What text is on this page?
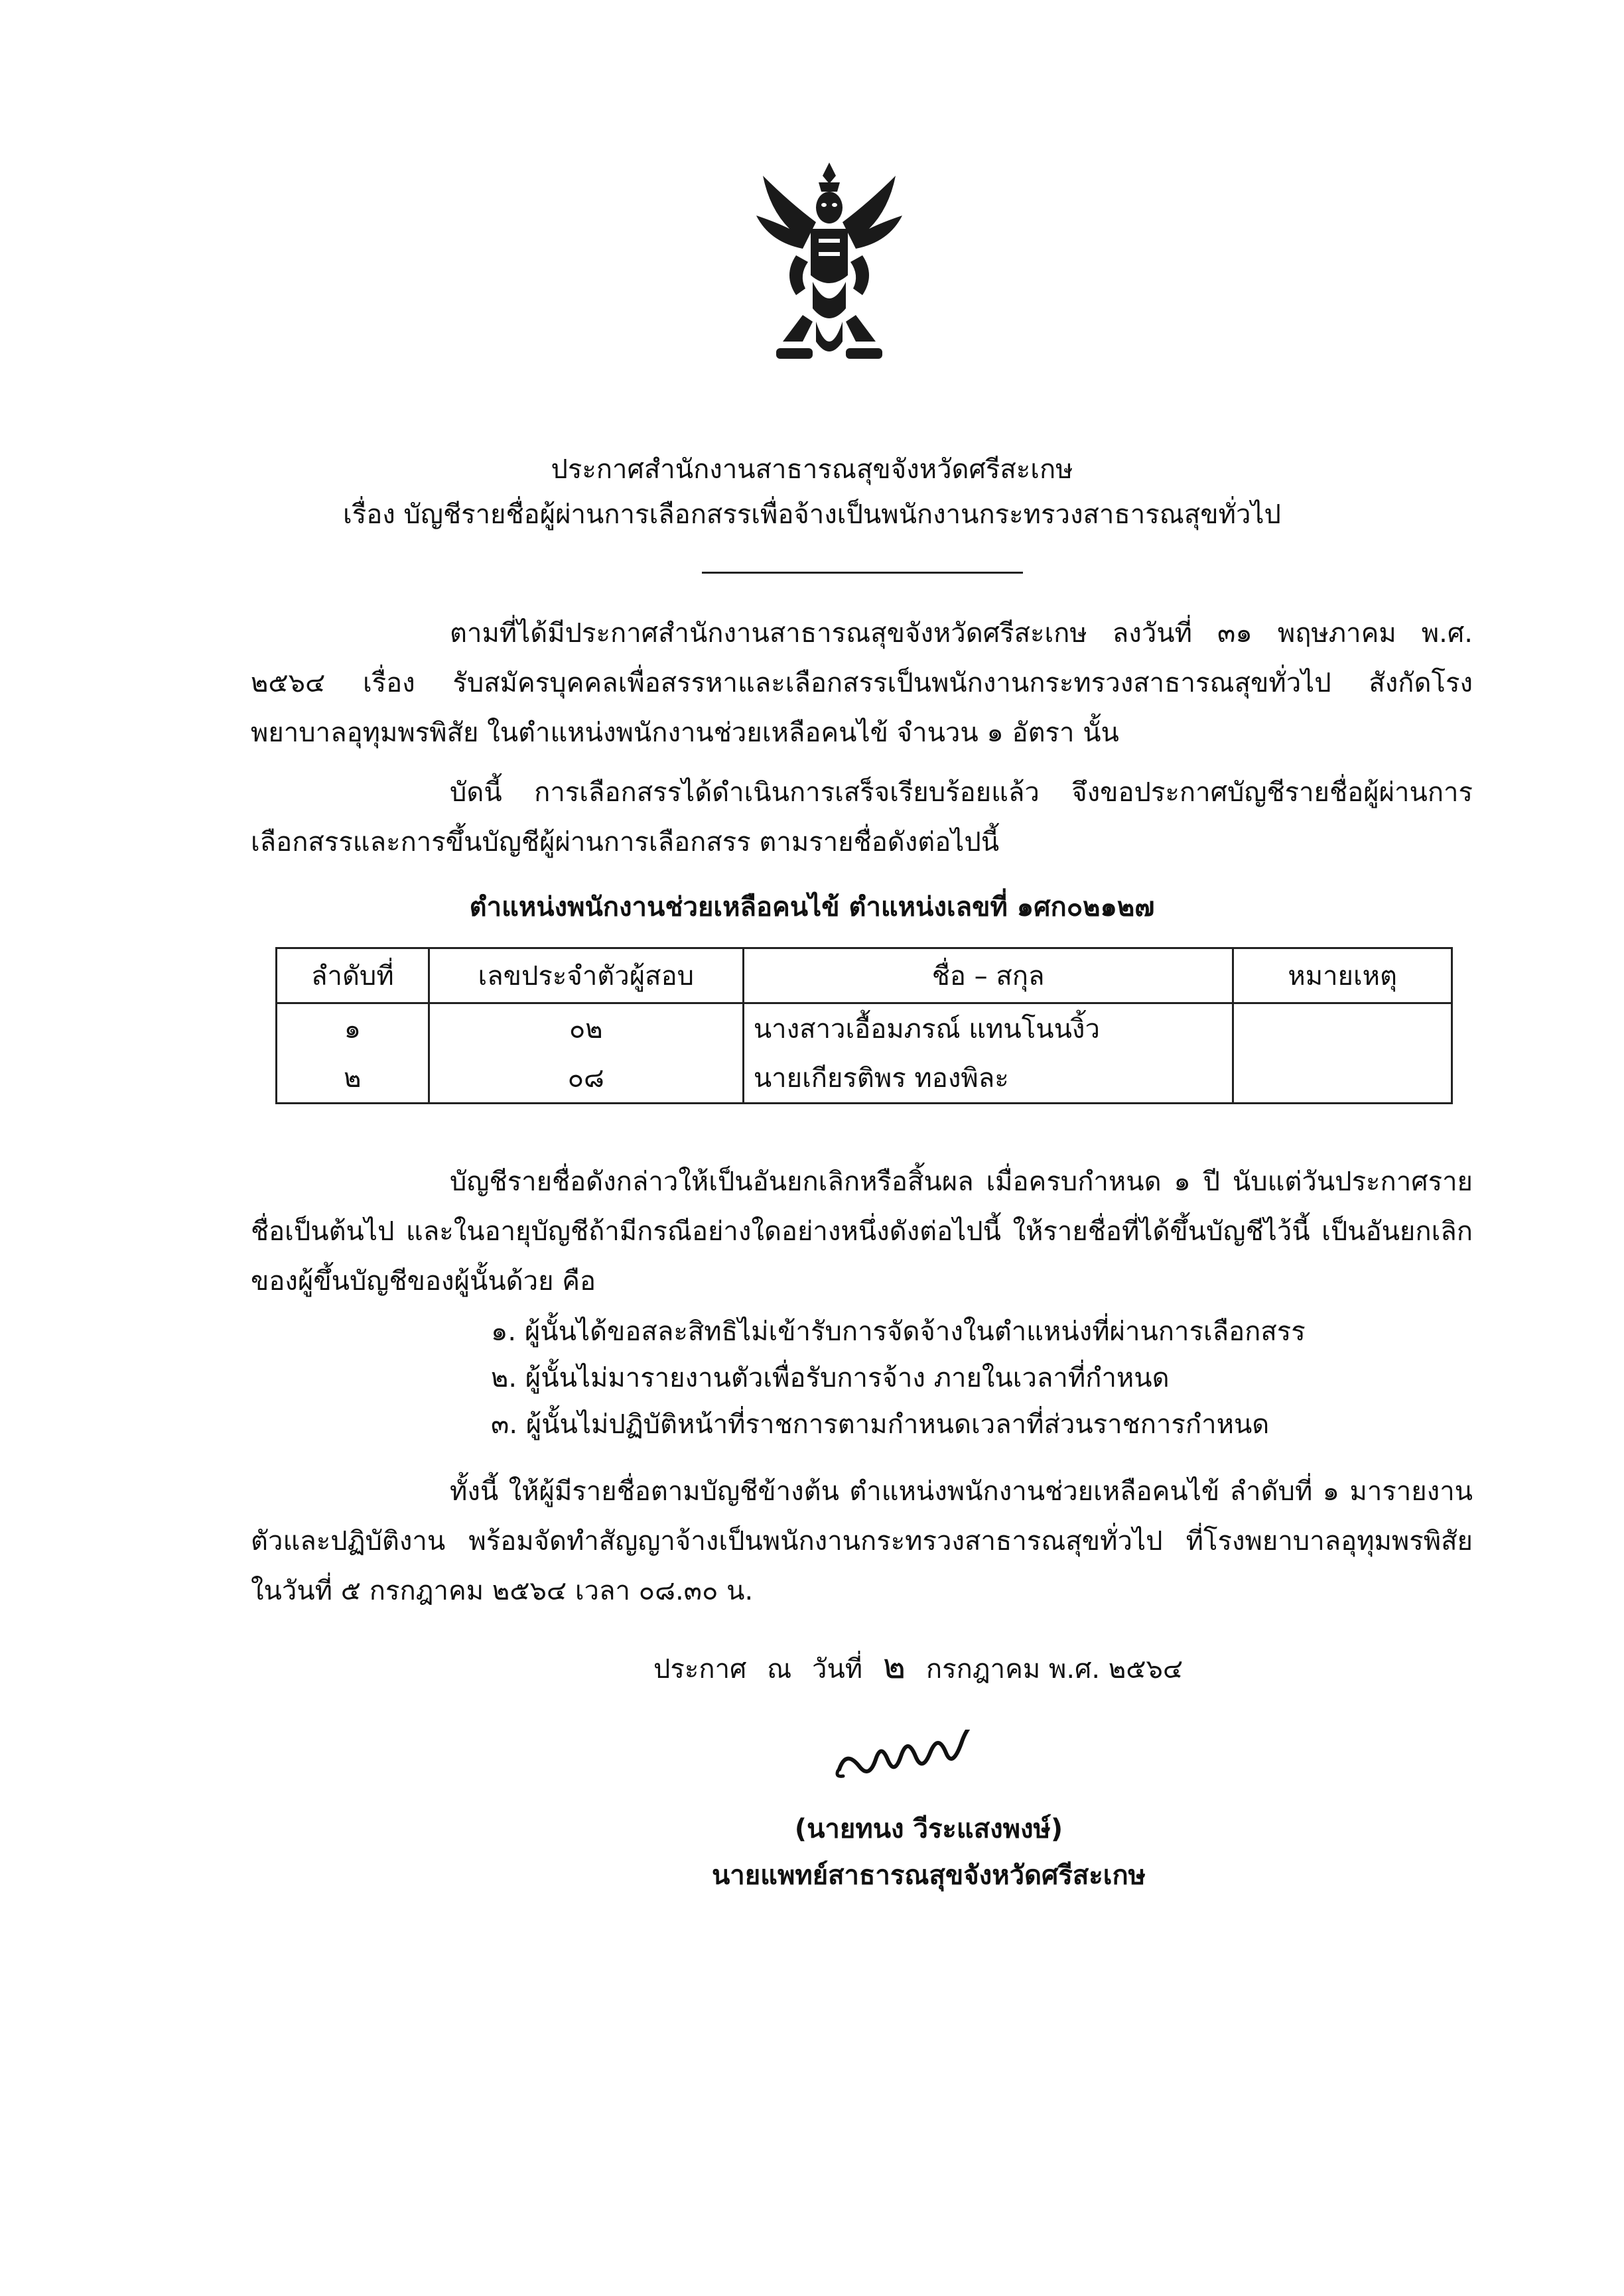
ประกาศสำนักงานสาธารณสุขจังหวัดศรีสะเกษ
เรื่อง บัญชีรายชื่อผู้ผ่านการเลือกสรรเพื่อจ้างเป็นพนักงานกระทรวงสาธารณสุขทั่วไป
ตามที่ได้มีประกาศสำนักงานสาธารณสุขจังหวัดศรีสะเกษ ลงวันที่ ๓๑ พฤษภาคม พ.ศ. ๒๕๖๔ เรื่อง รับสมัครบุคคลเพื่อสรรหาและเลือกสรรเป็นพนักงานกระทรวงสาธารณสุขทั่วไป สังกัดโรงพยาบาลอุทุมพรพิสัย ในตำแหน่งพนักงานช่วยเหลือคนไข้ จำนวน ๑ อัตรา นั้น
บัดนี้ การเลือกสรรได้ดำเนินการเสร็จเรียบร้อยแล้ว จึงขอประกาศบัญชีรายชื่อผู้ผ่านการเลือกสรรและการขึ้นบัญชีผู้ผ่านการเลือกสรร ตามรายชื่อดังต่อไปนี้
ตำแหน่งพนักงานช่วยเหลือคนไข้ ตำแหน่งเลขที่ ๑ศก๐๒๑๒๗
ลำดับที่	เลขประจำตัวผู้สอบ	ชื่อ – สกุล	หมายเหตุ
๑	๐๒	นางสาวเอื้อมภรณ์ แทนโนนงิ้ว	
๒	๐๘	นายเกียรติพร ทองพิละ	
บัญชีรายชื่อดังกล่าวให้เป็นอันยกเลิกหรือสิ้นผล เมื่อครบกำหนด ๑ ปี นับแต่วันประกาศรายชื่อเป็นต้นไป และในอายุบัญชีถ้ามีกรณีอย่างใดอย่างหนึ่งดังต่อไปนี้ ให้รายชื่อที่ได้ขึ้นบัญชีไว้นี้ เป็นอันยกเลิกของผู้ขึ้นบัญชีของผู้นั้นด้วย คือ
๑. ผู้นั้นได้ขอสละสิทธิไม่เข้ารับการจัดจ้างในตำแหน่งที่ผ่านการเลือกสรร
๒. ผู้นั้นไม่มารายงานตัวเพื่อรับการจ้าง ภายในเวลาที่กำหนด
๓. ผู้นั้นไม่ปฏิบัติหน้าที่ราชการตามกำหนดเวลาที่ส่วนราชการกำหนด
ทั้งนี้ ให้ผู้มีรายชื่อตามบัญชีข้างต้น ตำแหน่งพนักงานช่วยเหลือคนไข้ ลำดับที่ ๑ มารายงานตัวและปฏิบัติงาน พร้อมจัดทำสัญญาจ้างเป็นพนักงานกระทรวงสาธารณสุขทั่วไป ที่โรงพยาบาลอุทุมพรพิสัย ในวันที่ ๕ กรกฎาคม ๒๕๖๔ เวลา ๐๘.๓๐ น.
ประกาศ ณ วันที่ ๒ กรกฎาคม พ.ศ. ๒๕๖๔
(นายทนง วีระแสงพงษ์)
นายแพทย์สาธารณสุขจังหวัดศรีสะเกษ
